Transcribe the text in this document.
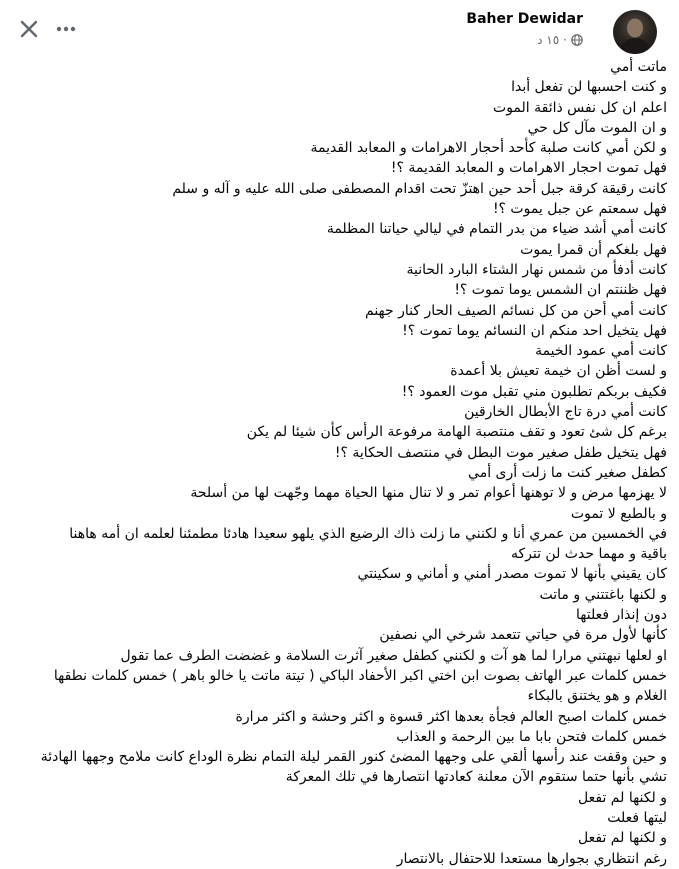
Baher Dewidar
١٥ د ·
ماتت أمي
و كنت احسبها لن تفعل أبدا
اعلم ان كل نفس ذائقة الموت
و ان الموت مآل كل حي
و لكن أمي كانت صلبة كأحد أحجار الاهرامات و المعابد القديمة
فهل تموت احجار الاهرامات و المعابد القديمة ؟!
كانت رقيقة كرقة جبل أحد حين اهتزّ تحت اقدام المصطفى صلى الله عليه و آله و سلم
فهل سمعتم عن جبل يموت ؟!
كانت أمي أشد ضياء من بدر التمام في ليالي حياتنا المظلمة
فهل بلغكم أن قمرا يموت
كانت أدفأ من شمس نهار الشتاء البارد الحانية
فهل ظننتم ان الشمس يوما تموت ؟!
كانت أمي أحن من كل نسائم الصيف الحار كنار جهنم
فهل يتخيل احد منكم ان النسائم يوما تموت ؟!
كانت أمي عمود الخيمة
و لست أظن ان خيمة تعيش بلا أعمدة
فكيف بربكم تطلبون مني تقبل موت العمود ؟!
كانت أمي درة تاج الأبطال الخارقين
برغم كل شئ تعود و تقف منتصبة الهامة مرفوعة الرأس كأن شيئا لم يكن
فهل يتخيل طفل صغير موت البطل في منتصف الحكاية ؟!
كطفل صغير كنت ما زلت أرى أمي
لا يهزمها مرض و لا توهنها أعوام تمر و لا تنال منها الحياة مهما وجّهت لها من أسلحة
و بالطبع لا تموت
في الخمسين من عمري أنا و لكنني ما زلت ذاك الرضيع الذي يلهو سعيدا هادئا مطمئنا لعلمه ان أمه هاهنا
باقية و مهما حدث لن تتركه
كان يقيني بأنها لا تموت مصدر أمني و أماني و سكينتي
و لكنها باغتتني و ماتت
دون إنذار فعلتها
كأنها لأول مرة في حياتي تتعمد شرخي الي نصفين
او لعلها نبهتني مرارا لما هو آت و لكنني كطفل صغير آثرت السلامة و غضضت الطرف عما تقول
خمس كلمات عبر الهاتف بصوت ابن اختي اكبر الأحفاد الباكي ( تيتة ماتت يا خالو باهر ) خمس كلمات نطقها
الغلام و هو يختنق بالبكاء
خمس كلمات اصبح العالم فجأة بعدها اكثر قسوة و اكثر وحشة و اكثر مرارة
خمس كلمات فتحن بابا ما بين الرحمة و العذاب
و حين وقفت عند رأسها ألقي على وجهها المضئ كنور القمر ليلة التمام نظرة الوداع كانت ملامح وجهها الهادئة
تشي بأنها حتما ستقوم الآن معلنة كعادتها انتصارها في تلك المعركة
و لكنها لم تفعل
ليتها فعلت
و لكنها لم تفعل
رغم انتظاري بجوارها مستعدا للاحتفال بالانتصار
